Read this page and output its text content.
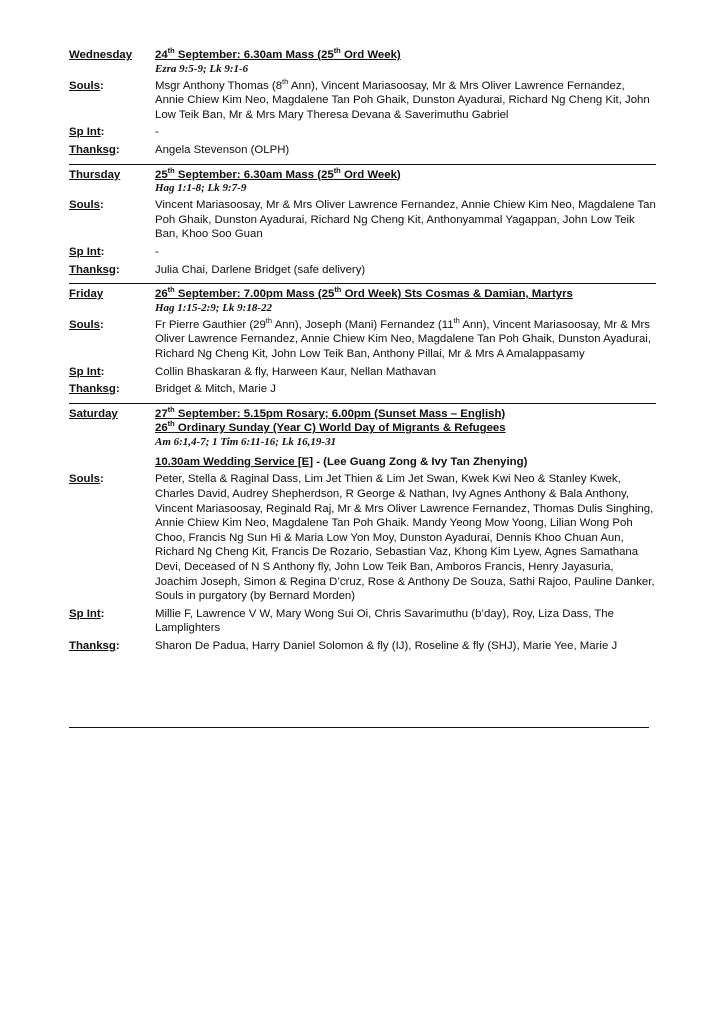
Wednesday	24th September: 6.30am Mass (25th Ord Week)
Ezra 9:5-9; Lk 9:1-6
Souls:	Msgr Anthony Thomas (8th Ann), Vincent Mariasoosay, Mr & Mrs Oliver Lawrence Fernandez, Annie Chiew Kim Neo, Magdalene Tan Poh Ghaik, Dunston Ayadurai, Richard Ng Cheng Kit, John Low Teik Ban, Mr & Mrs Mary Theresa Devana & Saverimuthu Gabriel
Sp Int:	-
Thanksg:	Angela Stevenson (OLPH)
Thursday	25th September: 6.30am Mass (25th Ord Week)
Hag 1:1-8; Lk 9:7-9
Souls:	Vincent Mariasoosay, Mr & Mrs Oliver Lawrence Fernandez, Annie Chiew Kim Neo, Magdalene Tan Poh Ghaik, Dunston Ayadurai, Richard Ng Cheng Kit, Anthonyammal Yagappan, John Low Teik Ban, Khoo Soo Guan
Sp Int:	-
Thanksg:	Julia Chai, Darlene Bridget (safe delivery)
Friday	26th September: 7.00pm Mass (25th Ord Week) Sts Cosmas & Damian, Martyrs
Hag 1:15-2:9; Lk 9:18-22
Souls:	Fr Pierre Gauthier (29th Ann), Joseph (Mani) Fernandez (11th Ann), Vincent Mariasoosay, Mr & Mrs Oliver Lawrence Fernandez, Annie Chiew Kim Neo, Magdalene Tan Poh Ghaik, Dunston Ayadurai, Richard Ng Cheng Kit, John Low Teik Ban, Anthony Pillai, Mr & Mrs A Amalappasamy
Sp Int:	Collin Bhaskaran & fly, Harween Kaur, Nellan Mathavan
Thanksg:	Bridget & Mitch, Marie J
Saturday	27th September: 5.15pm Rosary; 6.00pm (Sunset Mass – English)
26th Ordinary Sunday (Year C) World Day of Migrants & Refugees
Am 6:1,4-7; 1 Tim 6:11-16; Lk 16,19-31
10.30am Wedding Service [E] - (Lee Guang Zong & Ivy Tan Zhenying)
Souls:	Peter, Stella & Raginal Dass, Lim Jet Thien & Lim Jet Swan, Kwek Kwi Neo & Stanley Kwek, Charles David, Audrey Shepherdson, R George & Nathan, Ivy Agnes Anthony & Bala Anthony, Vincent Mariasoosay, Reginald Raj, Mr & Mrs Oliver Lawrence Fernandez, Thomas Dulis Singhing, Annie Chiew Kim Neo, Magdalene Tan Poh Ghaik. Mandy Yeong Mow Yoong, Lilian Wong Poh Choo, Francis Ng Sun Hi & Maria Low Yon Moy, Dunston Ayadurai, Dennis Khoo Chuan Aun, Richard Ng Cheng Kit, Francis De Rozario, Sebastian Vaz, Khong Kim Lyew, Agnes Samathana Devi, Deceased of N S Anthony fly, John Low Teik Ban, Amboros Francis, Henry Jayasuria, Joachim Joseph, Simon & Regina D’cruz, Rose & Anthony De Souza, Sathi Rajoo, Pauline Danker, Souls in purgatory (by Bernard Morden)
Sp Int:	Millie F, Lawrence V W, Mary Wong Sui Oi, Chris Savarimuthu (b’day), Roy, Liza Dass, The Lamplighters
Thanksg:	Sharon De Padua, Harry Daniel Solomon & fly (IJ), Roseline & fly (SHJ), Marie Yee, Marie J
